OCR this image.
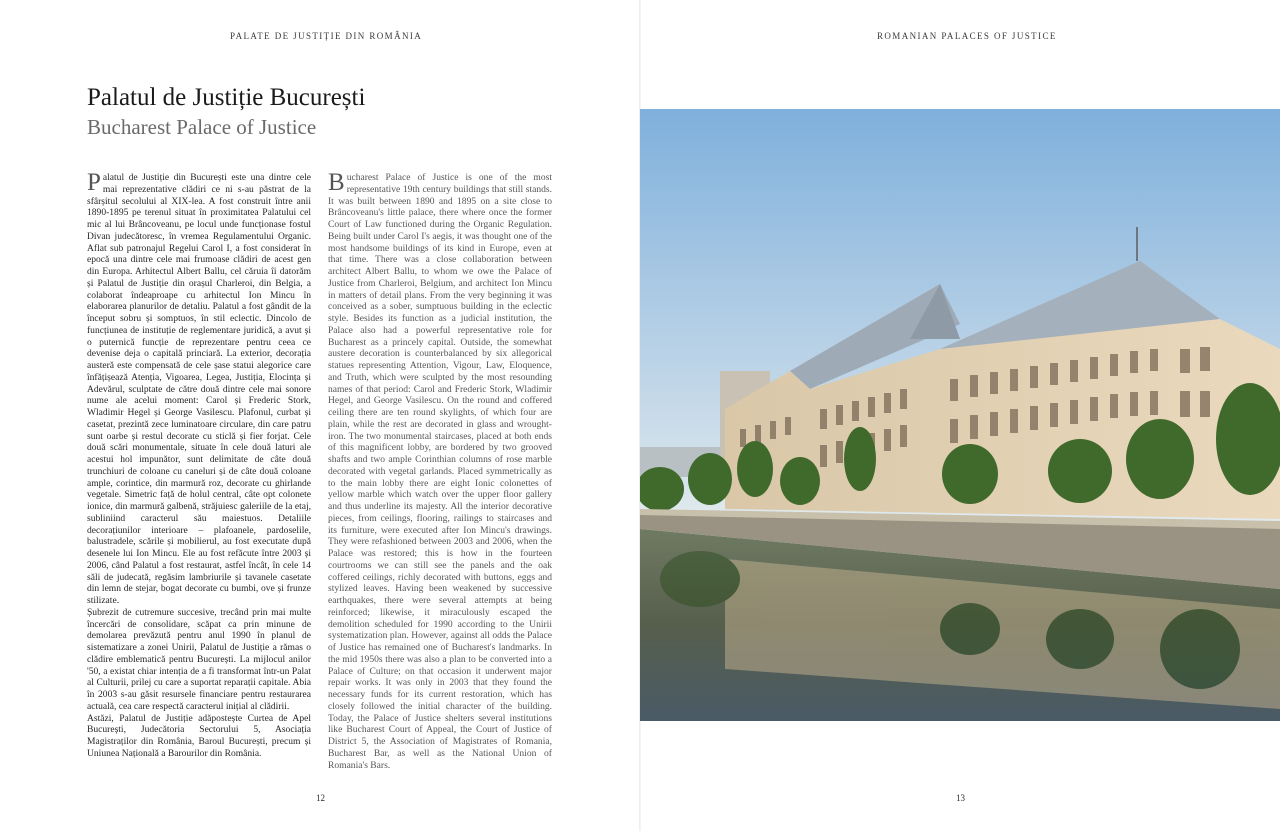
PALATE DE JUSTIȚIE DIN ROMÂNIA
Palatul de Justiție București
Bucharest Palace of Justice

Palatul de Justiție din București este una dintre cele mai reprezentative clădiri ce ni s-au păstrat de la sfârșitul secolului al XIX-lea. A fost construit între anii 1890-1895 pe terenul situat în proximitatea Palatului cel mic al lui Brâncoveanu, pe locul unde funcționase fostul Divan judecătoresc, în vremea Regulamentului Organic. Aflat sub patronajul Regelui Carol I, a fost considerat în epocă una dintre cele mai frumoase clădiri de acest gen din Europa. Arhitectul Albert Ballu, cel căruia îi datorăm și Palatul de Justiție din orașul Charleroi, din Belgia, a colaborat îndeaproape cu arhitectul Ion Mincu în elaborarea planurilor de detaliu. Palatul a fost gândit de la început sobru și somptuos, în stil eclectic. Dincolo de funcțiunea de instituție de reglementare juridică, a avut și o puternică funcție de reprezentare pentru ceea ce devenise deja o capitală princiară. La exterior, decorația austeră este compensată de cele șase statui alegorice care înfățișează Atenția, Vigoarea, Legea, Justiția, Elocința și Adevărul, sculptate de către două dintre cele mai sonore nume ale acelui moment: Carol și Frederic Stork, Wladimir Hegel și George Vasilescu. Plafonul, curbat și casetat, prezintă zece luminatoare circulare, din care patru sunt oarbe și restul decorate cu sticlă și fier forjat. Cele două scări monumentale, situate în cele două laturi ale acestui hol impunător, sunt delimitate de câte două trunchiuri de coloane cu caneluri și de câte două coloane ample, corintice, din marmură roz, decorate cu ghirlande vegetale. Simetric față de holul central, câte opt colonete ionice, din marmură galbenă, străjuiesc galeriile de la etaj, subliniind caracterul său maiestuos. Detaliile decorațiunilor interioare – plafoanele, pardoselile, balustradele, scările și mobilierul, au fost executate după desenele lui Ion Mincu. Ele au fost refăcute între 2003 și 2006, când Palatul a fost restaurat, astfel încât, în cele 14 săli de judecată, regăsim lambriurile și tavanele casetate din lemn de stejar, bogat decorate cu bumbi, ove și frunze stilizate.

Șubrezit de cutremure succesive, trecând prin mai multe încercări de consolidare, scăpat ca prin minune de demolarea prevăzută pentru anul 1990 în planul de sistematizare a zonei Unirii, Palatul de Justiție a rămas o clădire emblematică pentru București. La mijlocul anilor '50, a existat chiar intenția de a fi transformat într-un Palat al Culturii, prilej cu care a suportat reparații capitale. Abia în 2003 s-au găsit resursele financiare pentru restaurarea actuală, cea care respectă caracterul inițial al clădirii.

Astăzi, Palatul de Justiție adăpostește Curtea de Apel București, Judecătoria Sectorului 5, Asociația Magistraților din România, Baroul București, precum și Uniunea Națională a Barourilor din România.

Bucharest Palace of Justice is one of the most representative 19th century buildings that still stands. It was built between 1890 and 1895 on a site close to Brâncoveanu's little palace, there where once the former Court of Law functioned during the Organic Regulation. Being built under Carol I's aegis, it was thought one of the most handsome buildings of its kind in Europe, even at that time. There was a close collaboration between architect Albert Ballu, to whom we owe the Palace of Justice from Charleroi, Belgium, and architect Ion Mincu in matters of detail plans. From the very beginning it was conceived as a sober, sumptuous building in the eclectic style. Besides its function as a judicial institution, the Palace also had a powerful representative role for Bucharest as a princely capital. Outside, the somewhat austere decoration is counterbalanced by six allegorical statues representing Attention, Vigour, Law, Eloquence, and Truth, which were sculpted by the most resounding names of that period: Carol and Frederic Stork, Wladimir Hegel, and George Vasilescu. On the round and coffered ceiling there are ten round skylights, of which four are plain, while the rest are decorated in glass and wrought-iron. The two monumental staircases, placed at both ends of this magnificent lobby, are bordered by two grooved shafts and two ample Corinthian columns of rose marble decorated with vegetal garlands. Placed symmetrically as to the main lobby there are eight Ionic colonettes of yellow marble which watch over the upper floor gallery and thus underline its majesty. All the interior decorative pieces, from ceilings, flooring, railings to staircases and its furniture, were executed after Ion Mincu's drawings. They were refashioned between 2003 and 2006, when the Palace was restored; this is how in the fourteen courtrooms we can still see the panels and the oak coffered ceilings, richly decorated with buttons, eggs and stylized leaves. Having been weakened by successive earthquakes, there were several attempts at being reinforced; likewise, it miraculously escaped the demolition scheduled for 1990 according to the Unirii systematization plan. However, against all odds the Palace of Justice has remained one of Bucharest's landmarks. In the mid 1950s there was also a plan to be converted into a Palace of Culture; on that occasion it underwent major repair works. It was only in 2003 that they found the necessary funds for its current restoration, which has closely followed the initial character of the building. Today, the Palace of Justice shelters several institutions like Bucharest Court of Appeal, the Court of Justice of District 5, the Association of Magistrates of Romania, Bucharest Bar, as well as the National Union of Romania's Bars.

12
ROMANIAN PALACES OF JUSTICE
13
